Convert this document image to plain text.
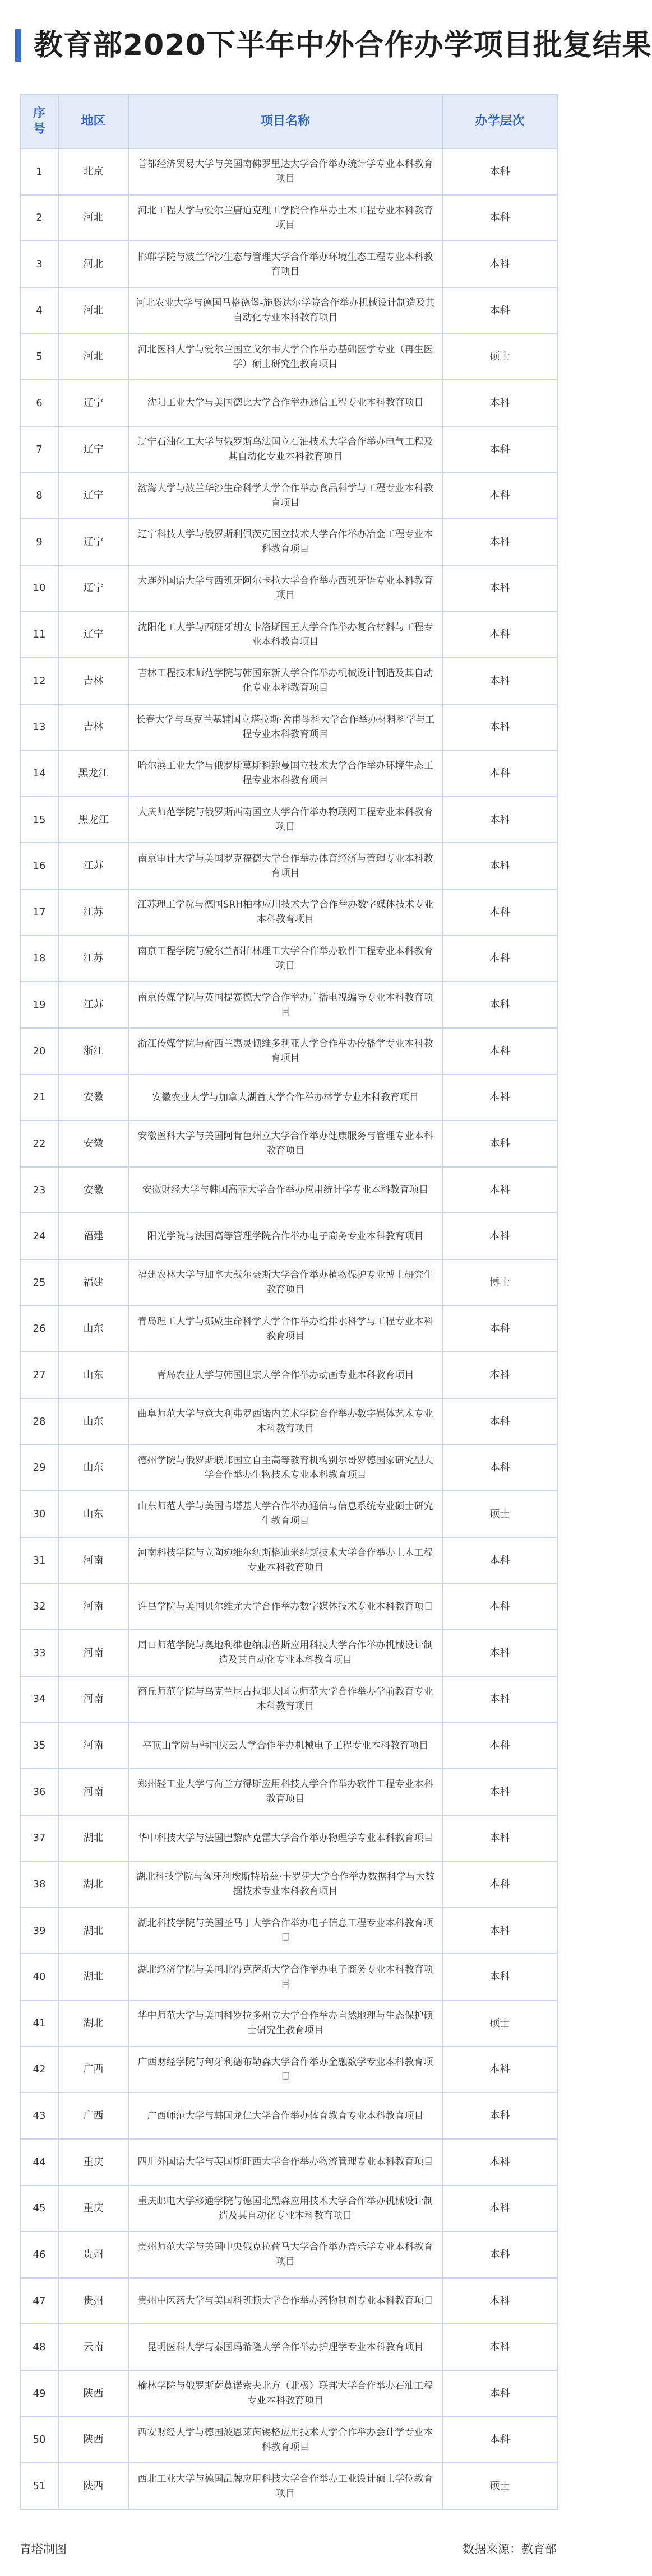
教育部2020下半年中外合作办学项目批复结果
序
号	地区	项目名称	办学层次
1	北京	首都经济贸易大学与美国南佛罗里达大学合作举办统计学专业本科教育项目	本科
2	河北	河北工程大学与爱尔兰唐道克理工学院合作举办土木工程专业本科教育项目	本科
3	河北	邯郸学院与波兰华沙生态与管理大学合作举办环境生态工程专业本科教育项目	本科
4	河北	河北农业大学与德国马格德堡-施滕达尔学院合作举办机械设计制造及其自动化专业本科教育项目	本科
5	河北	河北医科大学与爱尔兰国立戈尔韦大学合作举办基础医学专业（再生医学）硕士研究生教育项目	硕士
6	辽宁	沈阳工业大学与美国德比大学合作举办通信工程专业本科教育项目	本科
7	辽宁	辽宁石油化工大学与俄罗斯乌法国立石油技术大学合作举办电气工程及其自动化专业本科教育项目	本科
8	辽宁	渤海大学与波兰华沙生命科学大学合作举办食品科学与工程专业本科教育项目	本科
9	辽宁	辽宁科技大学与俄罗斯利佩茨克国立技术大学合作举办冶金工程专业本科教育项目	本科
10	辽宁	大连外国语大学与西班牙阿尔卡拉大学合作举办西班牙语专业本科教育项目	本科
11	辽宁	沈阳化工大学与西班牙胡安卡洛斯国王大学合作举办复合材料与工程专业本科教育项目	本科
12	吉林	吉林工程技术师范学院与韩国东新大学合作举办机械设计制造及其自动化专业本科教育项目	本科
13	吉林	长春大学与乌克兰基辅国立塔拉斯·舍甫琴科大学合作举办材料科学与工程专业本科教育项目	本科
14	黑龙江	哈尔滨工业大学与俄罗斯莫斯科鲍曼国立技术大学合作举办环境生态工程专业本科教育项目	本科
15	黑龙江	大庆师范学院与俄罗斯西南国立大学合作举办物联网工程专业本科教育项目	本科
16	江苏	南京审计大学与美国罗克福德大学合作举办体育经济与管理专业本科教育项目	本科
17	江苏	江苏理工学院与德国SRH柏林应用技术大学合作举办数字媒体技术专业本科教育项目	本科
18	江苏	南京工程学院与爱尔兰都柏林理工大学合作举办软件工程专业本科教育项目	本科
19	江苏	南京传媒学院与英国提赛德大学合作举办广播电视编导专业本科教育项目	本科
20	浙江	浙江传媒学院与新西兰惠灵顿维多利亚大学合作举办传播学专业本科教育项目	本科
21	安徽	安徽农业大学与加拿大湖首大学合作举办林学专业本科教育项目	本科
22	安徽	安徽医科大学与美国阿肯色州立大学合作举办健康服务与管理专业本科教育项目	本科
23	安徽	安徽财经大学与韩国高丽大学合作举办应用统计学专业本科教育项目	本科
24	福建	阳光学院与法国高等管理学院合作举办电子商务专业本科教育项目	本科
25	福建	福建农林大学与加拿大戴尔豪斯大学合作举办植物保护专业博士研究生教育项目	博士
26	山东	青岛理工大学与挪威生命科学大学合作举办给排水科学与工程专业本科教育项目	本科
27	山东	青岛农业大学与韩国世宗大学合作举办动画专业本科教育项目	本科
28	山东	曲阜师范大学与意大利弗罗西诺内美术学院合作举办数字媒体艺术专业本科教育项目	本科
29	山东	德州学院与俄罗斯联邦国立自主高等教育机构别尔哥罗德国家研究型大学合作举办生物技术专业本科教育项目	本科
30	山东	山东师范大学与美国肯塔基大学合作举办通信与信息系统专业硕士研究生教育项目	硕士
31	河南	河南科技学院与立陶宛维尔纽斯格迪米纳斯技术大学合作举办土木工程专业本科教育项目	本科
32	河南	许昌学院与美国贝尔维尤大学合作举办数字媒体技术专业本科教育项目	本科
33	河南	周口师范学院与奥地利维也纳康普斯应用科技大学合作举办机械设计制造及其自动化专业本科教育项目	本科
34	河南	商丘师范学院与乌克兰尼古拉耶夫国立师范大学合作举办学前教育专业本科教育项目	本科
35	河南	平顶山学院与韩国庆云大学合作举办机械电子工程专业本科教育项目	本科
36	河南	郑州轻工业大学与荷兰方得斯应用科技大学合作举办软件工程专业本科教育项目	本科
37	湖北	华中科技大学与法国巴黎萨克雷大学合作举办物理学专业本科教育项目	本科
38	湖北	湖北科技学院与匈牙利埃斯特哈兹·卡罗伊大学合作举办数据科学与大数据技术专业本科教育项目	本科
39	湖北	湖北科技学院与美国圣马丁大学合作举办电子信息工程专业本科教育项目	本科
40	湖北	湖北经济学院与美国北得克萨斯大学合作举办电子商务专业本科教育项目	本科
41	湖北	华中师范大学与美国科罗拉多州立大学合作举办自然地理与生态保护硕士研究生教育项目	硕士
42	广西	广西财经学院与匈牙利德布勒森大学合作举办金融数学专业本科教育项目	本科
43	广西	广西师范大学与韩国龙仁大学合作举办体育教育专业本科教育项目	本科
44	重庆	四川外国语大学与英国斯旺西大学合作举办物流管理专业本科教育项目	本科
45	重庆	重庆邮电大学移通学院与德国北黑森应用技术大学合作举办机械设计制造及其自动化专业本科教育项目	本科
46	贵州	贵州师范大学与美国中央俄克拉荷马大学合作举办音乐学专业本科教育项目	本科
47	贵州	贵州中医药大学与美国科班顿大学合作举办药物制剂专业本科教育项目	本科
48	云南	昆明医科大学与泰国玛希隆大学合作举办护理学专业本科教育项目	本科
49	陕西	榆林学院与俄罗斯萨莫诺索夫北方（北极）联邦大学合作举办石油工程专业本科教育项目	本科
50	陕西	西安财经大学与德国波恩莱茵锡格应用技术大学合作举办会计学专业本科教育项目	本科
51	陕西	西北工业大学与德国品牌应用科技大学合作举办工业设计硕士学位教育项目	硕士
青塔制图	数据来源：教育部
